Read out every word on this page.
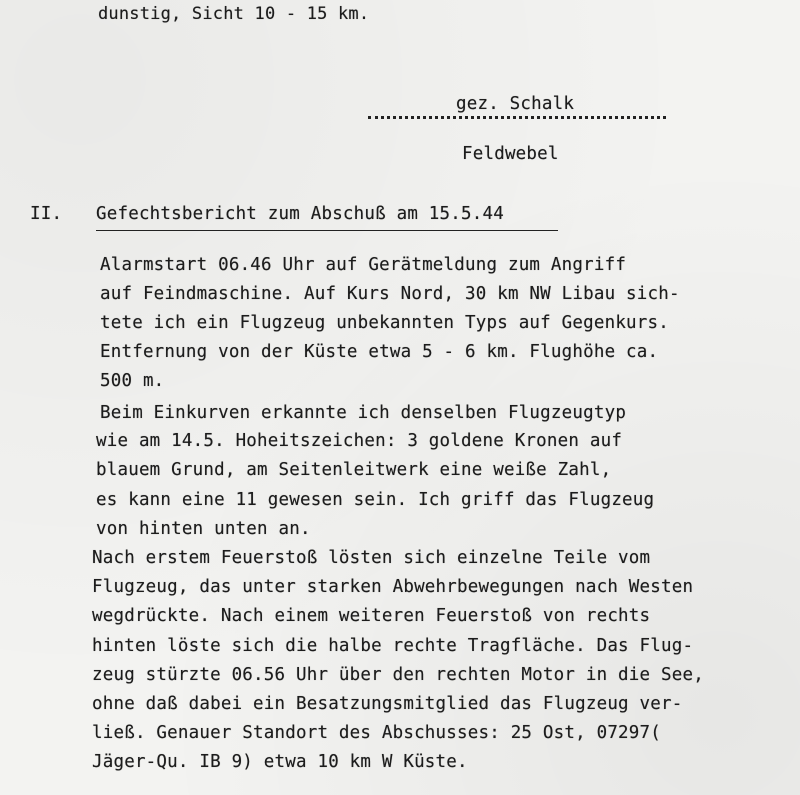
dunstig, Sicht 10 - 15 km.
gez. Schalk
Feldwebel
II. Gefechtsbericht zum Abschuß am 15.5.44
Alarmstart 06.46 Uhr auf Gerätmeldung zum Angriff
auf Feindmaschine. Auf Kurs Nord, 30 km NW Libau sich-
tete ich ein Flugzeug unbekannten Typs auf Gegenkurs.
Entfernung von der Küste etwa 5 - 6 km. Flughöhe ca.
500 m.
Beim Einkurven erkannte ich denselben Flugzeugtyp
wie am 14.5. Hoheitszeichen: 3 goldene Kronen auf
blauem Grund, am Seitenleitwerk eine weiße Zahl,
es kann eine 11 gewesen sein. Ich griff das Flugzeug
von hinten unten an.
Nach erstem Feuerstoß lösten sich einzelne Teile vom
Flugzeug, das unter starken Abwehrbewegungen nach Westen
wegdrückte. Nach einem weiteren Feuerstoß von rechts
hinten löste sich die halbe rechte Tragfläche. Das Flug-
zeug stürzte 06.56 Uhr über den rechten Motor in die See,
ohne daß dabei ein Besatzungsmitglied das Flugzeug ver-
ließ. Genauer Standort des Abschusses: 25 Ost, 07297(
Jäger-Qu. IB 9) etwa 10 km W Küste.
